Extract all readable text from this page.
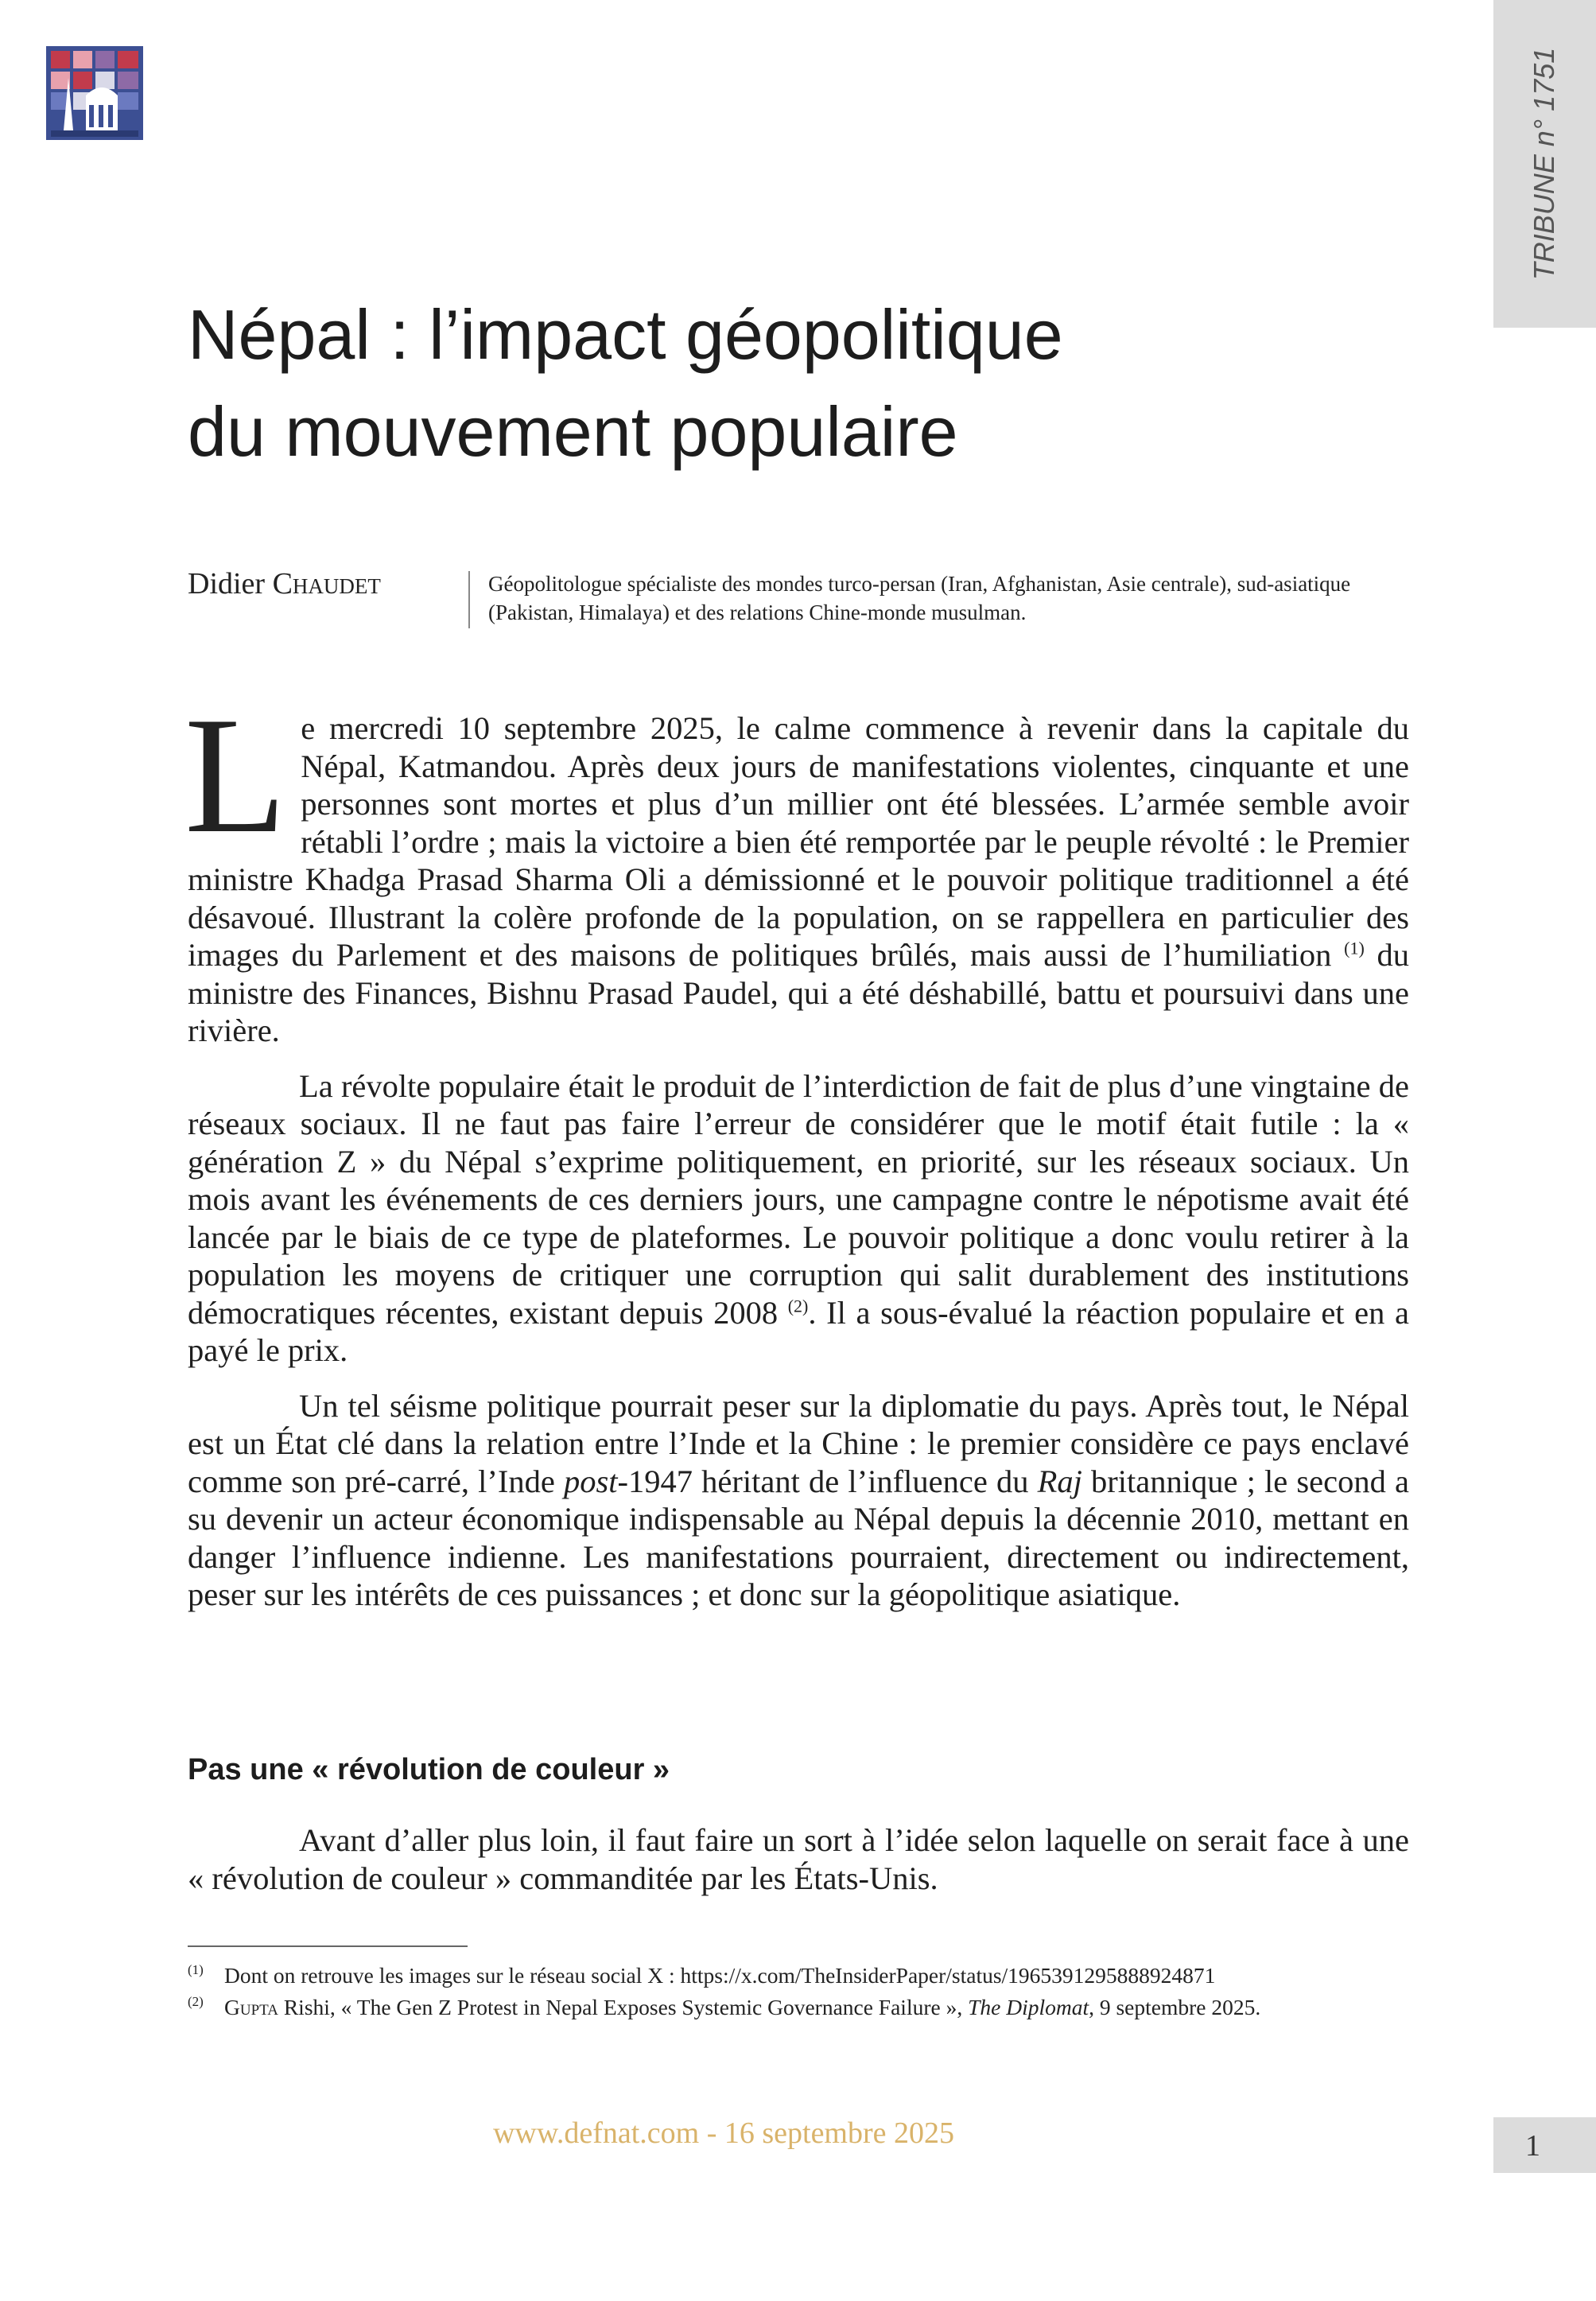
TRIBUNE n° 1751
Népal : l’impact géopolitique
du mouvement populaire
Didier Chaudet	Géopolitologue spécialiste des mondes turco-persan (Iran, Afghanistan, Asie centrale), sud-asiatique (Pakistan, Himalaya) et des relations Chine-monde musulman.

Le mercredi 10 septembre 2025, le calme commence à revenir dans la capitale du Népal, Katmandou. Après deux jours de manifestations violentes, cinquante et une personnes sont mortes et plus d’un millier ont été blessées. L’armée semble avoir rétabli l’ordre ; mais la victoire a bien été remportée par le peuple révolté : le Premier ministre Khadga Prasad Sharma Oli a démissionné et le pouvoir politique traditionnel a été désavoué. Illustrant la colère profonde de la population, on se rappellera en particulier des images du Parlement et des maisons de politiques brûlés, mais aussi de l’humiliation $^{(1)}$ du ministre des Finances, Bishnu Prasad Paudel, qui a été déshabillé, battu et poursuivi dans une rivière.

La révolte populaire était le produit de l’interdiction de fait de plus d’une vingtaine de réseaux sociaux. Il ne faut pas faire l’erreur de considérer que le motif était futile : la « génération Z » du Népal s’exprime politiquement, en priorité, sur les réseaux sociaux. Un mois avant les événements de ces derniers jours, une campagne contre le népotisme avait été lancée par le biais de ce type de plateformes. Le pouvoir politique a donc voulu retirer à la population les moyens de critiquer une corruption qui salit durablement des institutions démocratiques récentes, existant depuis 2008 $^{(2)}$. Il a sous-évalué la réaction populaire et en a payé le prix.

Un tel séisme politique pourrait peser sur la diplomatie du pays. Après tout, le Népal est un État clé dans la relation entre l’Inde et la Chine : le premier considère ce pays enclavé comme son pré-carré, l’Inde post-1947 héritant de l’influence du Raj britannique ; le second a su devenir un acteur économique indispensable au Népal depuis la décennie 2010, mettant en danger l’influence indienne. Les manifestations pourraient, directement ou indirectement, peser sur les intérêts de ces puissances ; et donc sur la géopolitique asiatique.

Pas une « révolution de couleur »

Avant d’aller plus loin, il faut faire un sort à l’idée selon laquelle on serait face à une « révolution de couleur » commanditée par les États-Unis.

(1) Dont on retrouve les images sur le réseau social X : https://x.com/TheInsiderPaper/status/1965391295888924871
(2) Gupta Rishi, « The Gen Z Protest in Nepal Exposes Systemic Governance Failure », The Diplomat, 9 septembre 2025.
www.defnat.com - 16 septembre 2025	1
